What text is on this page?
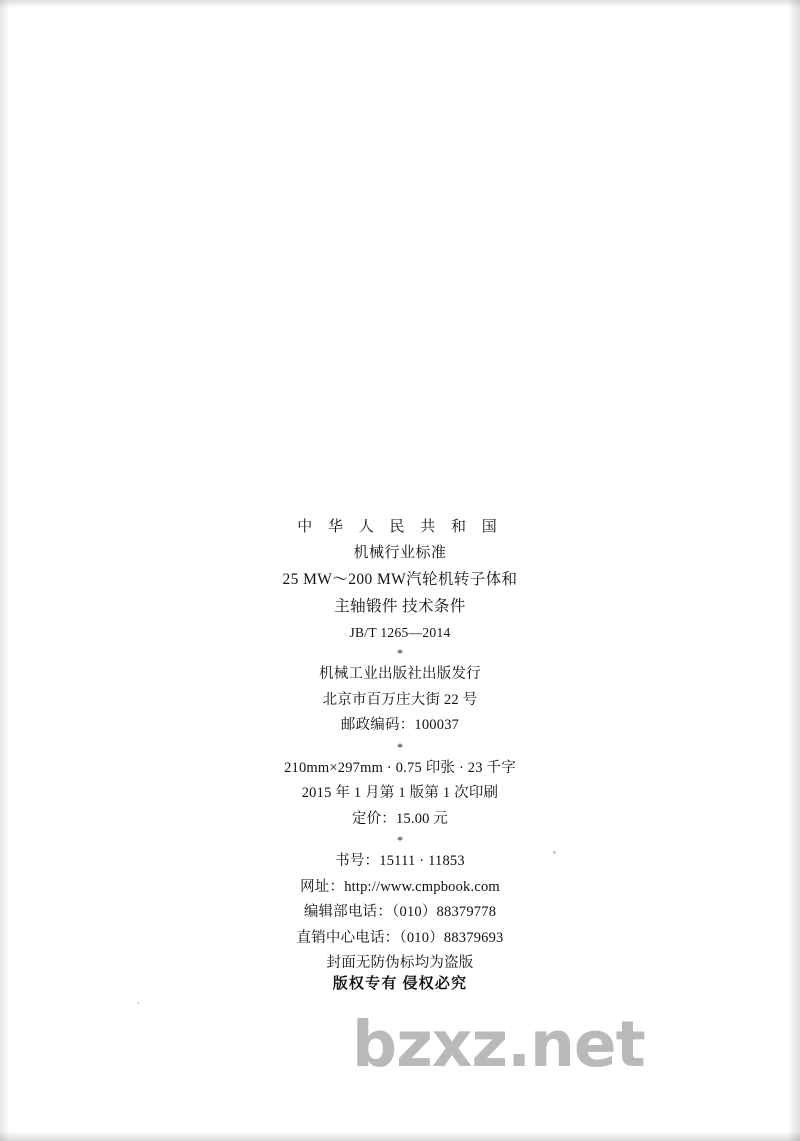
中 华 人 民 共 和 国
机械行业标准
25 MW～200 MW汽轮机转子体和
主轴锻件 技术条件
JB/T 1265—2014
*
机械工业出版社出版发行
北京市百万庄大街 22 号
邮政编码：100037
*
210mm×297mm · 0.75 印张 · 23 千字
2015 年 1 月第 1 版第 1 次印刷
定价：15.00 元
*
书号：15111 · 11853
网址：http://www.cmpbook.com
编辑部电话：（010）88379778
直销中心电话：（010）88379693
封面无防伪标均为盗版
版权专有 侵权必究
bzxz.net
